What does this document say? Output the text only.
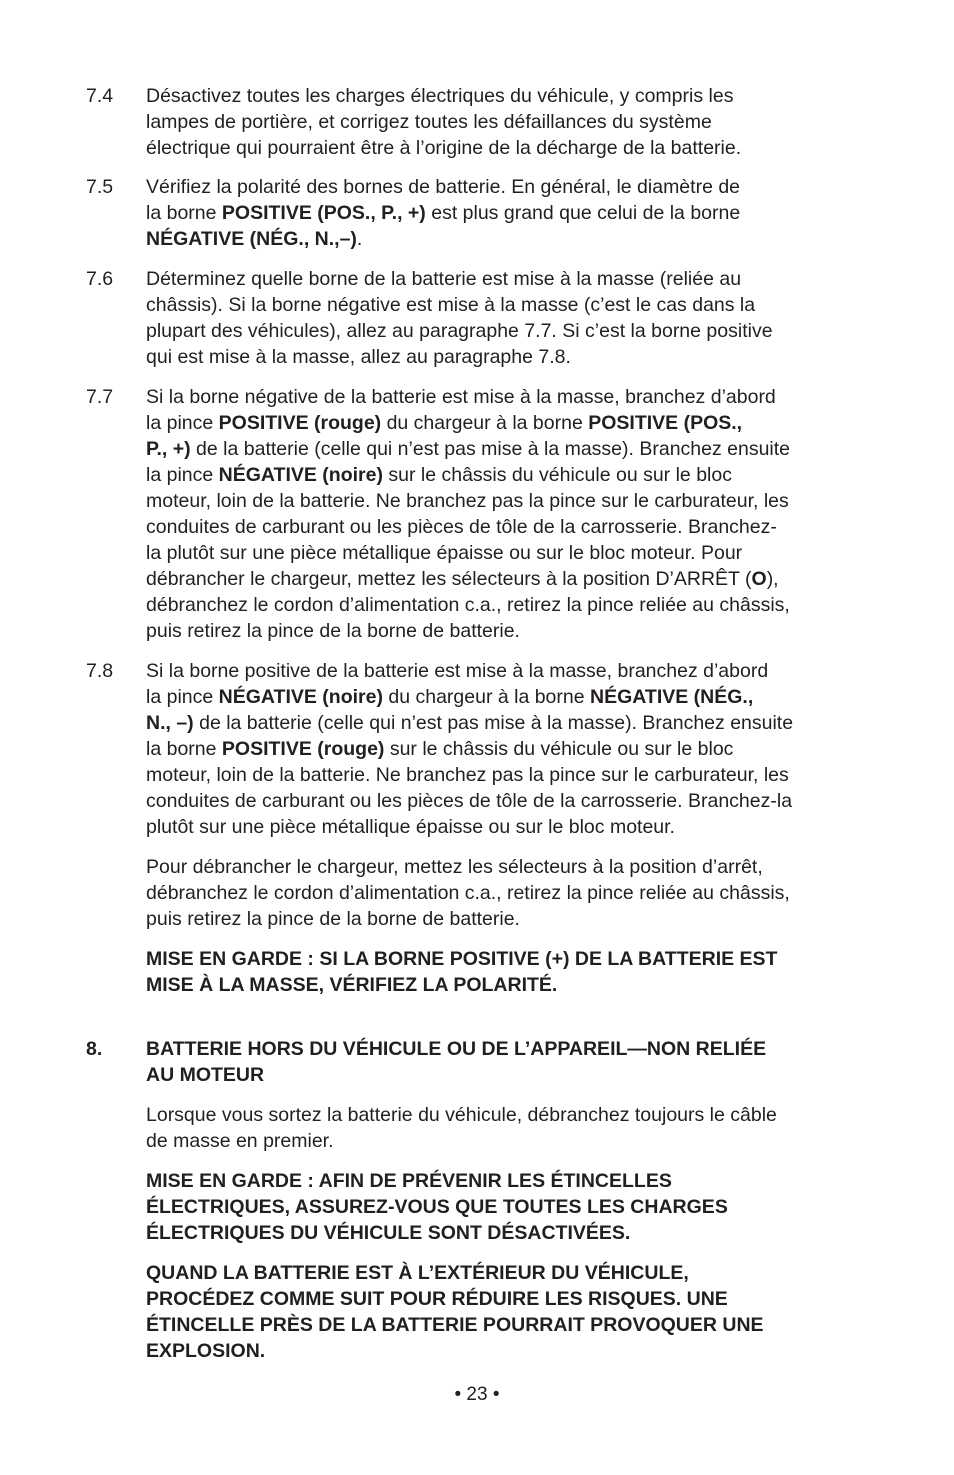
7.4	Désactivez toutes les charges électriques du véhicule, y compris les
lampes de portière, et corrigez toutes les défaillances du système
électrique qui pourraient être à l’origine de la décharge de la batterie.
7.5	Vérifiez la polarité des bornes de batterie. En général, le diamètre de
la borne POSITIVE (POS., P., +) est plus grand que celui de la borne
NÉGATIVE (NÉG., N.,–).
7.6	Déterminez quelle borne de la batterie est mise à la masse (reliée au
châssis). Si la borne négative est mise à la masse (c’est le cas dans la
plupart des véhicules), allez au paragraphe 7.7. Si c’est la borne positive
qui est mise à la masse, allez au paragraphe 7.8.
7.7	Si la borne négative de la batterie est mise à la masse, branchez d’abord
la pince POSITIVE (rouge) du chargeur à la borne POSITIVE (POS.,
P., +) de la batterie (celle qui n’est pas mise à la masse). Branchez ensuite
la pince NÉGATIVE (noire) sur le châssis du véhicule ou sur le bloc
moteur, loin de la batterie. Ne branchez pas la pince sur le carburateur, les
conduites de carburant ou les pièces de tôle de la carrosserie. Branchez-
la plutôt sur une pièce métallique épaisse ou sur le bloc moteur. Pour
débrancher le chargeur, mettez les sélecteurs à la position D’ARRÊT (O),
débranchez le cordon d’alimentation c.a., retirez la pince reliée au châssis,
puis retirez la pince de la borne de batterie.
7.8	Si la borne positive de la batterie est mise à la masse, branchez d’abord
la pince NÉGATIVE (noire) du chargeur à la borne NÉGATIVE (NÉG.,
N., –) de la batterie (celle qui n’est pas mise à la masse). Branchez ensuite
la borne POSITIVE (rouge) sur le châssis du véhicule ou sur le bloc
moteur, loin de la batterie. Ne branchez pas la pince sur le carburateur, les
conduites de carburant ou les pièces de tôle de la carrosserie. Branchez-la
plutôt sur une pièce métallique épaisse ou sur le bloc moteur.
Pour débrancher le chargeur, mettez les sélecteurs à la position d’arrêt,
débranchez le cordon d’alimentation c.a., retirez la pince reliée au châssis,
puis retirez la pince de la borne de batterie.
MISE EN GARDE : SI LA BORNE POSITIVE (+) DE LA BATTERIE EST
MISE À LA MASSE, VÉRIFIEZ LA POLARITÉ.
8.	BATTERIE HORS DU VÉHICULE OU DE L’APPAREIL—NON RELIÉE
AU MOTEUR
Lorsque vous sortez la batterie du véhicule, débranchez toujours le câble
de masse en premier.
MISE EN GARDE : AFIN DE PRÉVENIR LES ÉTINCELLES
ÉLECTRIQUES, ASSUREZ-VOUS QUE TOUTES LES CHARGES
ÉLECTRIQUES DU VÉHICULE SONT DÉSACTIVÉES.
QUAND LA BATTERIE EST À L’EXTÉRIEUR DU VÉHICULE,
PROCÉDEZ COMME SUIT POUR RÉDUIRE LES RISQUES. UNE
ÉTINCELLE PRÈS DE LA BATTERIE POURRAIT PROVOQUER UNE
EXPLOSION.
• 23 •
